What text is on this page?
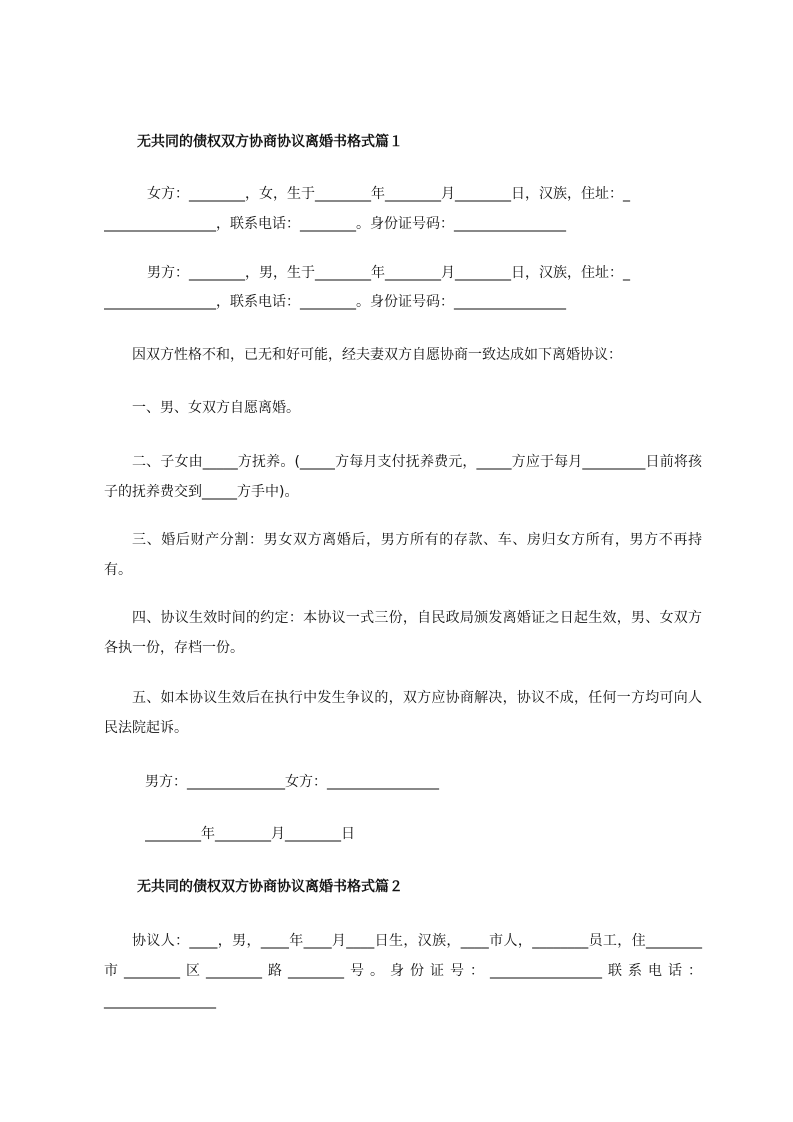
无共同的债权双方协商协议离婚书格式篇１
女方：________，女，生于________年________月________日，汉族，住址：_
________________，联系电话：________。身份证号码：________________
男方：________，男，生于________年________月________日，汉族，住址：_
________________，联系电话：________。身份证号码：________________
因双方性格不和，已无和好可能，经夫妻双方自愿协商一致达成如下离婚协议：
一、男、女双方自愿离婚。
二、子女由_____方抚养。(_____方每月支付抚养费元，_____方应于每月_________日前将孩子的抚养费交到_____方手中)。
三、婚后财产分割：男女双方离婚后，男方所有的存款、车、房归女方所有，男方不再持有。
四、协议生效时间的约定：本协议一式三份，自民政局颁发离婚证之日起生效，男、女双方各执一份，存档一份。
五、如本协议生效后在执行中发生争议的，双方应协商解决，协议不成，任何一方均可向人民法院起诉。
男方：______________女方：________________
________年________月________日
无共同的债权双方协商协议离婚书格式篇２
协议人：____，男，____年____月____日生，汉族，____市人，________员工，住________市________区________路________号。身份证号：________________联系电话：________________
